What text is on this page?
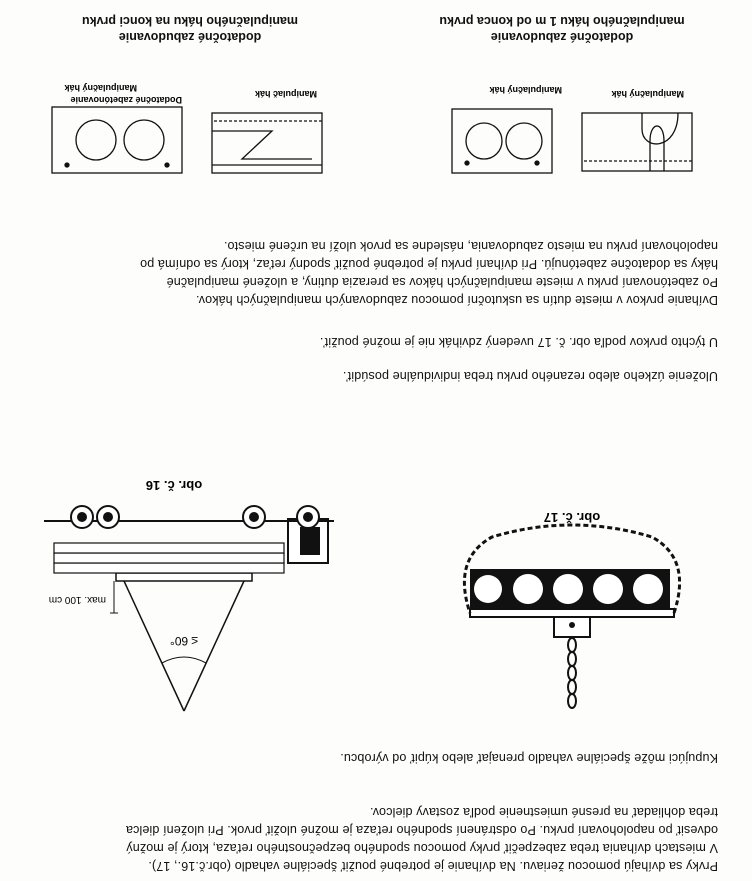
Prvky sa dvíhajú pomocou žeriavu. Na dvíhanie je potrebné použiť špeciálne vahadlo (obr.č.16., 17).

V miestach dvíhania treba zabezpečiť prvky pomocou spodného bezpečnostného reťaza, ktorý je možný

odvesiť po napolohovaní prvku. Po odstránení spodného reťaza je možné uložiť prvok. Pri uložení dielca

treba dohliadať na presné umiestnenie podľa zostavy dielcov.

Kupujúci môže špeciálne vahadlo prenajať alebo kúpiť od výrobcu.
obr. č. 17
≤ 60°
max. 100 cm
obr. č. 16
Uloženie úzkeho alebo rezaného prvku treba individuálne posúdiť.
U týchto prvkov podľa obr. č. 17 uvedený zdvihák nie je možné použiť.

Dvíhanie prvkov v mieste dutín sa uskutoční pomocou zabudovaných manipulačných hákov.

Po zabetónovaní prvku v mieste manipulačných hákov sa prerazia dutiny, a uložené manipulačné

háky sa dodatočne zabetónujú. Pri dvíhaní prvku je potrebné použiť spodný reťaz, ktorý sa odnímá po

napolohovaní prvku na miesto zabudovania, následne sa prvok uloží na určené miesto.

Manipulačný hák
Manipulačný hák
Dodatočné zabetónovanie
Manipulač hák
Manipulačný hák
dodatočné zabudovanie
manipulačného háku 1 m od konca prvku
dodatočné zabudovanie
manipulačného háku na konci prvku
